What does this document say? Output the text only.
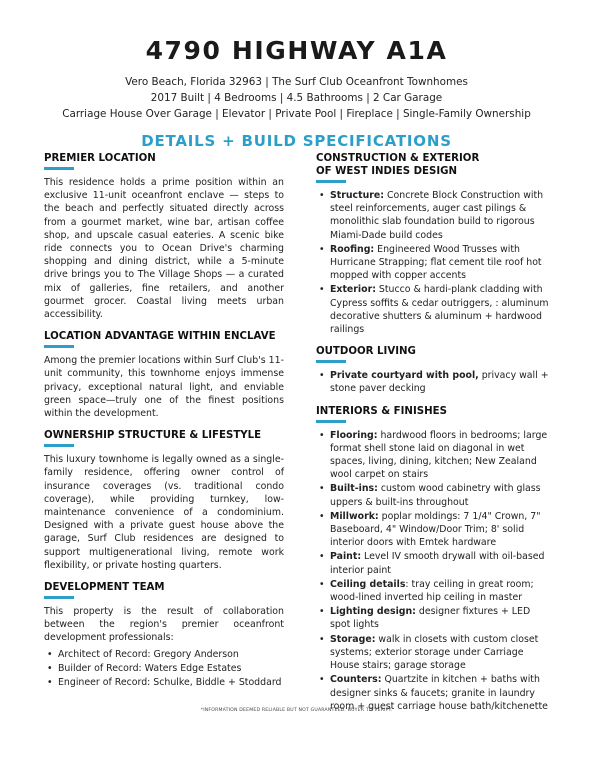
4790 HIGHWAY A1A
Vero Beach, Florida 32963 | The Surf Club Oceanfront Townhomes
2017 Built | 4 Bedrooms | 4.5 Bathrooms | 2 Car Garage
Carriage House Over Garage | Elevator | Private Pool | Fireplace | Single-Family Ownership
DETAILS + BUILD SPECIFICATIONS
PREMIER LOCATION
This residence holds a prime position within an exclusive 11-unit oceanfront enclave — steps to the beach and perfectly situated directly across from a gourmet market, wine bar, artisan coffee shop, and upscale casual eateries. A scenic bike ride connects you to Ocean Drive's charming shopping and dining district, while a 5-minute drive brings you to The Village Shops — a curated mix of galleries, fine retailers, and another gourmet grocer. Coastal living meets urban accessibility.
LOCATION ADVANTAGE WITHIN ENCLAVE
Among the premier locations within Surf Club's 11-unit community, this townhome enjoys immense privacy, exceptional natural light, and enviable green space—truly one of the finest positions within the development.
OWNERSHIP STRUCTURE & LIFESTYLE
This luxury townhome is legally owned as a single-family residence, offering owner control of insurance coverages (vs. traditional condo coverage), while providing turnkey, low-maintenance convenience of a condominium. Designed with a private guest house above the garage, Surf Club residences are designed to support multigenerational living, remote work flexibility, or private hosting quarters.
DEVELOPMENT TEAM
This property is the result of collaboration between the region's premier oceanfront development professionals:
• Architect of Record: Gregory Anderson
• Builder of Record: Waters Edge Estates
• Engineer of Record: Schulke, Biddle + Stoddard
CONSTRUCTION & EXTERIOR
OF WEST INDIES DESIGN
• Structure: Concrete Block Construction with steel reinforcements, auger cast pilings & monolithic slab foundation build to rigorous Miami-Dade build codes
• Roofing: Engineered Wood Trusses with Hurricane Strapping; flat cement tile roof hot mopped with copper accents
• Exterior: Stucco & hardi-plank cladding with Cypress soffits & cedar outriggers, : aluminum decorative shutters & aluminum + hardwood railings
OUTDOOR LIVING
• Private courtyard with pool, privacy wall + stone paver decking
INTERIORS & FINISHES
• Flooring: hardwood floors in bedrooms; large format shell stone laid on diagonal in wet spaces, living, dining, kitchen; New Zealand wool carpet on stairs
• Built-ins: custom wood cabinetry with glass uppers & built-ins throughout
• Millwork: poplar moldings: 7 1/4" Crown, 7" Baseboard, 4" Window/Door Trim; 8' solid interior doors with Emtek hardware
• Paint: Level IV smooth drywall with oil-based interior paint
• Ceiling details: tray ceiling in great room; wood-lined inverted hip ceiling in master
• Lighting design: designer fixtures + LED spot lights
• Storage: walk in closets with custom closet systems; exterior storage under Carriage House stairs; garage storage
• Counters: Quartzite in kitchen + baths with designer sinks & faucets; granite in laundry room + guest carriage house bath/kitchenette
*INFORMATION DEEMED RELIABLE BUT NOT GUARANTEED. BUYER TO VERIFY.
